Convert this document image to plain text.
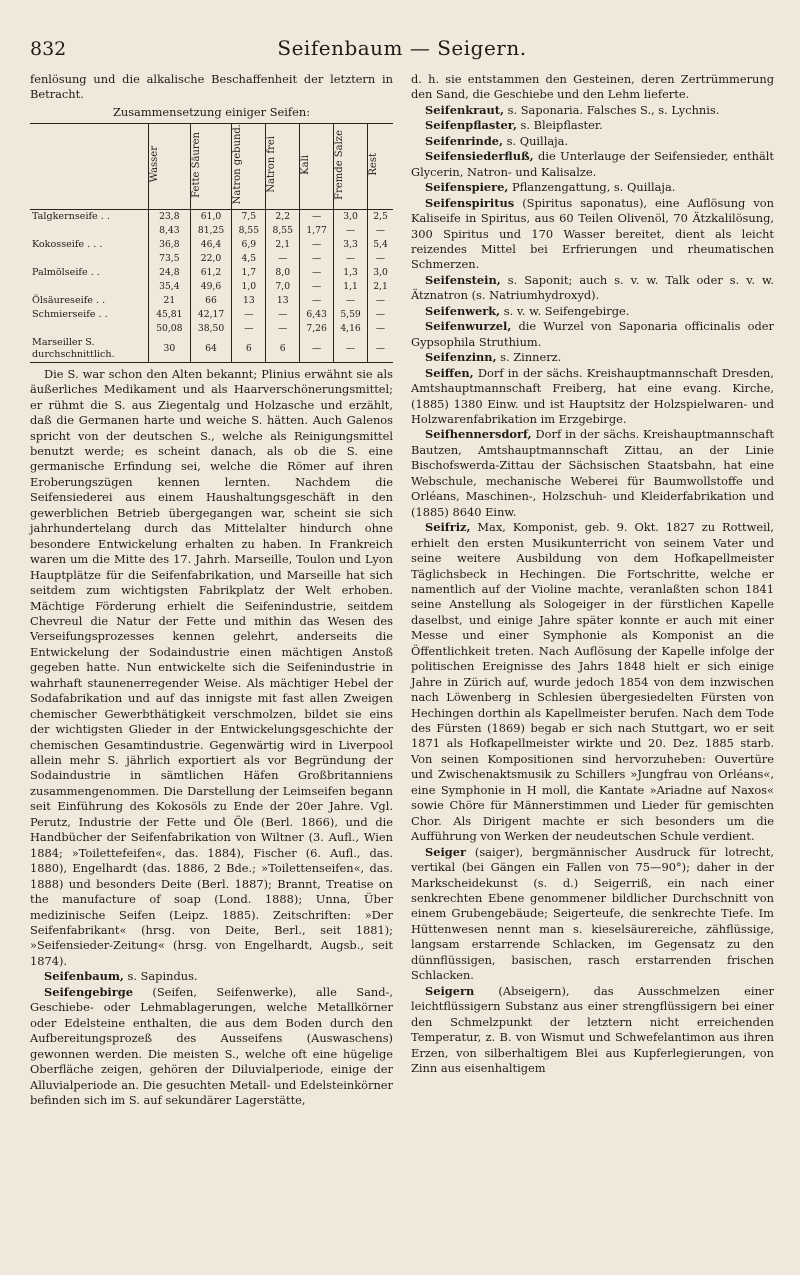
832	Seifenbaum — Seigern.

fenlösung und die alkalische Beschaffenheit der letztern in Betracht.

Zusammensetzung einiger Seifen:
	Wasser	Fette Säuren	Natron gebund.	Natron frei	Kali	Fremde Salze	Rest
Talgkernseife . .	23,8	61,0	7,5	2,2	—	3,0	2,5
	8,43	81,25	8,55	8,55	1,77	—	—
Kokosseife . . .	36,8	46,4	6,9	2,1	—	3,3	5,4
	73,5	22,0	4,5	—	—	—	—
Palmölseife . .	24,8	61,2	1,7	8,0	—	1,3	3,0
	35,4	49,6	1,0	7,0	—	1,1	2,1
Ölsäureseife . .	21	66	13	13	—	—	—
Schmierseife . .	45,81	42,17	—	—	6,43	5,59	—
	50,08	38,50	—	—	7,26	4,16	—
Marseiller S. durchschnittlich.	30	64	6	6	—	—	—

Die S. war schon den Alten bekannt; Plinius erwähnt sie als äußerliches Medikament und als Haarverschönerungsmittel; er rühmt die S. aus Ziegentalg und Holzasche und erzählt, daß die Germanen harte und weiche S. hätten. Auch Galenos spricht von der deutschen S., welche als Reinigungsmittel benutzt werde; es scheint danach, als ob die S. eine germanische Erfindung sei, welche die Römer auf ihren Eroberungszügen kennen lernten. Nachdem die Seifensiederei aus einem Haushaltungsgeschäft in den gewerblichen Betrieb übergegangen war, scheint sie sich jahrhundertelang durch das Mittelalter hindurch ohne besondere Entwickelung erhalten zu haben. In Frankreich waren um die Mitte des 17. Jahrh. Marseille, Toulon und Lyon Hauptplätze für die Seifenfabrikation, und Marseille hat sich seitdem zum wichtigsten Fabrikplatz der Welt erhoben. Mächtige Förderung erhielt die Seifenindustrie, seitdem Chevreul die Natur der Fette und mithin das Wesen des Verseifungsprozesses kennen gelehrt, anderseits die Entwickelung der Sodaindustrie einen mächtigen Anstoß gegeben hatte. Nun entwickelte sich die Seifenindustrie in wahrhaft staunenerregender Weise. Als mächtiger Hebel der Sodafabrikation und auf das innigste mit fast allen Zweigen chemischer Gewerbthätigkeit verschmolzen, bildet sie eins der wichtigsten Glieder in der Entwickelungsgeschichte der chemischen Gesamtindustrie. Gegenwärtig wird in Liverpool allein mehr S. jährlich exportiert als vor Begründung der Sodaindustrie in sämtlichen Häfen Großbritanniens zusammengenommen. Die Darstellung der Leimseifen begann seit Einführung des Kokosöls zu Ende der 20er Jahre. Vgl. Perutz, Industrie der Fette und Öle (Berl. 1866), und die Handbücher der Seifenfabrikation von Wiltner (3. Aufl., Wien 1884; »Toilettefeifen«, das. 1884), Fischer (6. Aufl., das. 1880), Engelhardt (das. 1886, 2 Bde.; »Toilettenseifen«, das. 1888) und besonders Deite (Berl. 1887); Brannt, Treatise on the manufacture of soap (Lond. 1888); Unna, Über medizinische Seifen (Leipz. 1885). Zeitschriften: »Der Seifenfabrikant« (hrsg. von Deite, Berl., seit 1881); »Seifensieder-Zeitung« (hrsg. von Engelhardt, Augsb., seit 1874).

Seifenbaum, s. Sapindus.

Seifengebirge (Seifen, Seifenwerke), alle Sand-, Geschiebe- oder Lehmablagerungen, welche Metallkörner oder Edelsteine enthalten, die aus dem Boden durch den Aufbereitungsprozeß des Ausseifens (Auswaschens) gewonnen werden. Die meisten S., welche oft eine hügelige Oberfläche zeigen, gehören der Diluvialperiode, einige der Alluvialperiode an. Die gesuchten Metall- und Edelsteinkörner befinden sich im S. auf sekundärer Lagerstätte,

d. h. sie entstammen den Gesteinen, deren Zertrümmerung den Sand, die Geschiebe und den Lehm lieferte.

Seifenkraut, s. Saponaria. Falsches S., s. Lychnis.

Seifenpflaster, s. Bleipflaster.

Seifenrinde, s. Quillaja.

Seifensiederfluß, die Unterlauge der Seifensieder, enthält Glycerin, Natron- und Kalisalze.

Seifenspiere, Pflanzengattung, s. Quillaja.

Seifenspiritus (Spiritus saponatus), eine Auflösung von Kaliseife in Spiritus, aus 60 Teilen Olivenöl, 70 Ätzkalilösung, 300 Spiritus und 170 Wasser bereitet, dient als leicht reizendes Mittel bei Erfrierungen und rheumatischen Schmerzen.

Seifenstein, s. Saponit; auch s. v. w. Talk oder s. v. w. Ätznatron (s. Natriumhydroxyd).

Seifenwerk, s. v. w. Seifengebirge.

Seifenwurzel, die Wurzel von Saponaria officinalis oder Gypsophila Struthium.

Seifenzinn, s. Zinnerz.

Seiffen, Dorf in der sächs. Kreishauptmannschaft Dresden, Amtshauptmannschaft Freiberg, hat eine evang. Kirche, (1885) 1380 Einw. und ist Hauptsitz der Holzspielwaren- und Holzwarenfabrikation im Erzgebirge.

Seifhennersdorf, Dorf in der sächs. Kreishauptmannschaft Bautzen, Amtshauptmannschaft Zittau, an der Linie Bischofswerda-Zittau der Sächsischen Staatsbahn, hat eine Webschule, mechanische Weberei für Baumwollstoffe und Orléans, Maschinen-, Holzschuh- und Kleiderfabrikation und (1885) 8640 Einw.

Seifriz, Max, Komponist, geb. 9. Okt. 1827 zu Rottweil, erhielt den ersten Musikunterricht von seinem Vater und seine weitere Ausbildung von dem Hofkapellmeister Täglichsbeck in Hechingen. Die Fortschritte, welche er namentlich auf der Violine machte, veranlaßten schon 1841 seine Anstellung als Sologeiger in der fürstlichen Kapelle daselbst, und einige Jahre später konnte er auch mit einer Messe und einer Symphonie als Komponist an die Öffentlichkeit treten. Nach Auflösung der Kapelle infolge der politischen Ereignisse des Jahrs 1848 hielt er sich einige Jahre in Zürich auf, wurde jedoch 1854 von dem inzwischen nach Löwenberg in Schlesien übergesiedelten Fürsten von Hechingen dorthin als Kapellmeister berufen. Nach dem Tode des Fürsten (1869) begab er sich nach Stuttgart, wo er seit 1871 als Hofkapellmeister wirkte und 20. Dez. 1885 starb. Von seinen Kompositionen sind hervorzuheben: Ouvertüre und Zwischenaktsmusik zu Schillers »Jungfrau von Orléans«, eine Symphonie in H moll, die Kantate »Ariadne auf Naxos« sowie Chöre für Männerstimmen und Lieder für gemischten Chor. Als Dirigent machte er sich besonders um die Aufführung von Werken der neudeutschen Schule verdient.

Seiger (saiger), bergmännischer Ausdruck für lotrecht, vertikal (bei Gängen ein Fallen von 75—90°); daher in der Markscheidekunst (s. d.) Seigerriß, ein nach einer senkrechten Ebene genommener bildlicher Durchschnitt von einem Grubengebäude; Seigerteufe, die senkrechte Tiefe. Im Hüttenwesen nennt man s. kieselsäurereiche, zähflüssige, langsam erstarrende Schlacken, im Gegensatz zu den dünnflüssigen, basischen, rasch erstarrenden frischen Schlacken.

Seigern (Abseigern), das Ausschmelzen einer leichtflüssigern Substanz aus einer strengflüssigern bei einer den Schmelzpunkt der letztern nicht erreichenden Temperatur, z. B. von Wismut und Schwefelantimon aus ihren Erzen, von silberhaltigem Blei aus Kupferlegierungen, von Zinn aus eisenhaltigem
